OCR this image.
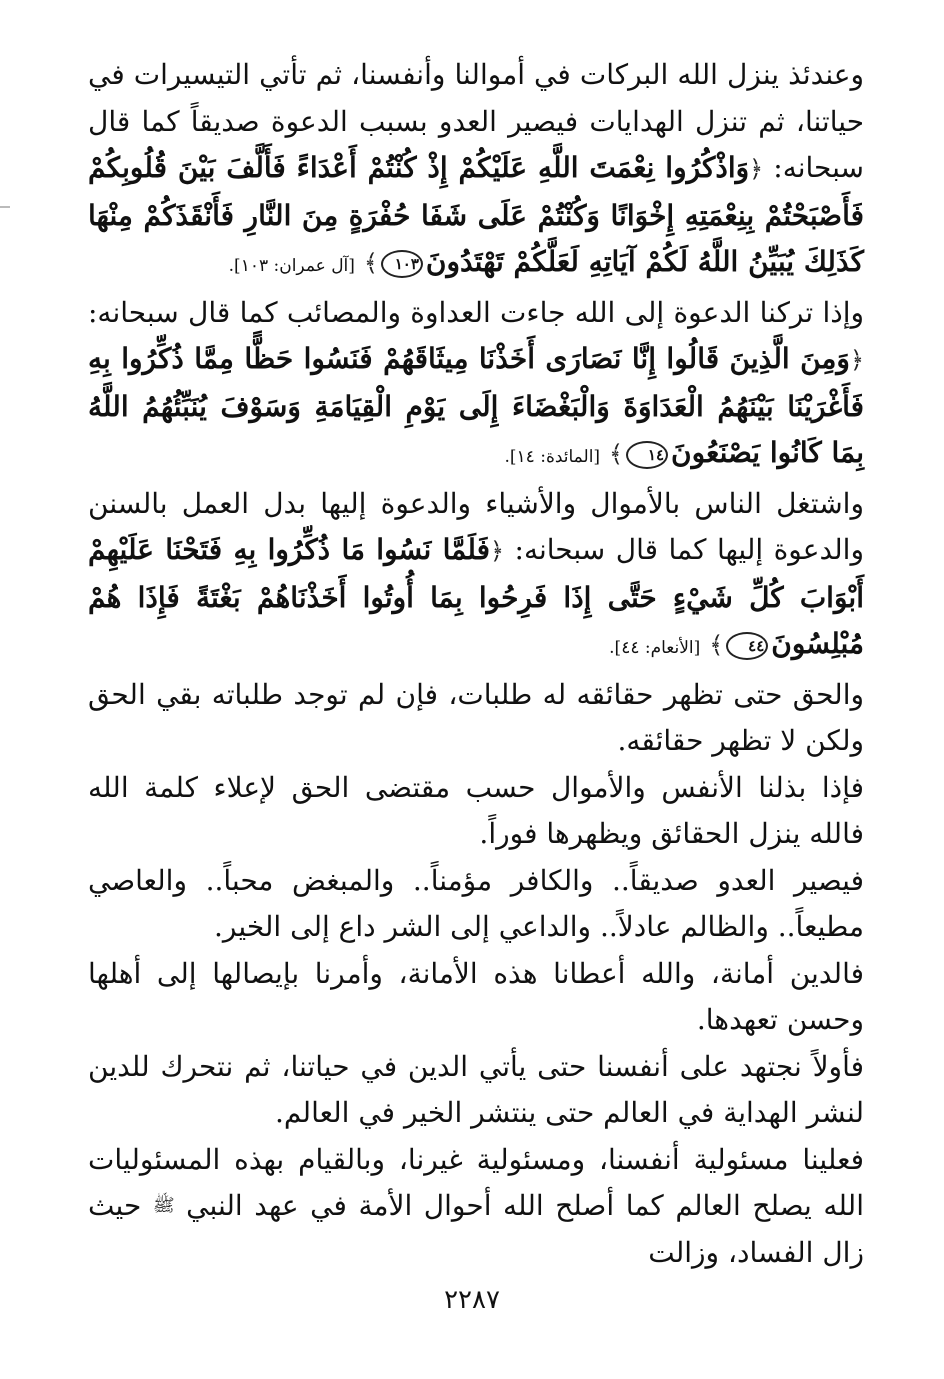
وعندئذ ينزل الله البركات في أموالنا وأنفسنا، ثم تأتي التيسيرات في حياتنا، ثم تنزل الهدايات فيصير العدو بسبب الدعوة صديقاً كما قال سبحانه: ﴿وَاذْكُرُوا نِعْمَتَ اللَّهِ عَلَيْكُمْ إِذْ كُنْتُمْ أَعْدَاءً فَأَلَّفَ بَيْنَ قُلُوبِكُمْ فَأَصْبَحْتُمْ بِنِعْمَتِهِ إِخْوَانًا وَكُنْتُمْ عَلَى شَفَا حُفْرَةٍ مِنَ النَّارِ فَأَنْقَذَكُمْ مِنْهَا كَذَلِكَ يُبَيِّنُ اللَّهُ لَكُمْ آيَاتِهِ لَعَلَّكُمْ تَهْتَدُونَ١٠٣﴾ [آل عمران: ١٠٣].

وإذا تركنا الدعوة إلى الله جاءت العداوة والمصائب كما قال سبحانه: ﴿وَمِنَ الَّذِينَ قَالُوا إِنَّا نَصَارَى أَخَذْنَا مِيثَاقَهُمْ فَنَسُوا حَظًّا مِمَّا ذُكِّرُوا بِهِ فَأَغْرَيْنَا بَيْنَهُمُ الْعَدَاوَةَ وَالْبَغْضَاءَ إِلَى يَوْمِ الْقِيَامَةِ وَسَوْفَ يُنَبِّئُهُمُ اللَّهُ بِمَا كَانُوا يَصْنَعُونَ١٤﴾ [المائدة: ١٤].

واشتغل الناس بالأموال والأشياء والدعوة إليها بدل العمل بالسنن والدعوة إليها كما قال سبحانه: ﴿فَلَمَّا نَسُوا مَا ذُكِّرُوا بِهِ فَتَحْنَا عَلَيْهِمْ أَبْوَابَ كُلِّ شَيْءٍ حَتَّى إِذَا فَرِحُوا بِمَا أُوتُوا أَخَذْنَاهُمْ بَغْتَةً فَإِذَا هُمْ مُبْلِسُونَ٤٤﴾ [الأنعام: ٤٤].

والحق حتى تظهر حقائقه له طلبات، فإن لم توجد طلباته بقي الحق ولكن لا تظهر حقائقه.

فإذا بذلنا الأنفس والأموال حسب مقتضى الحق لإعلاء كلمة الله فالله ينزل الحقائق ويظهرها فوراً.

فيصير العدو صديقاً.. والكافر مؤمناً.. والمبغض محباً.. والعاصي مطيعاً.. والظالم عادلاً.. والداعي إلى الشر داع إلى الخير.

فالدين أمانة، والله أعطانا هذه الأمانة، وأمرنا بإيصالها إلى أهلها وحسن تعهدها.

فأولاً نجتهد على أنفسنا حتى يأتي الدين في حياتنا، ثم نتحرك للدين لنشر الهداية في العالم حتى ينتشر الخير في العالم.

فعلينا مسئولية أنفسنا، ومسئولية غيرنا، وبالقيام بهذه المسئوليات الله يصلح العالم كما أصلح الله أحوال الأمة في عهد النبي $^ﷺ$ حيث زال الفساد، وزالت

٢٢٨٧
